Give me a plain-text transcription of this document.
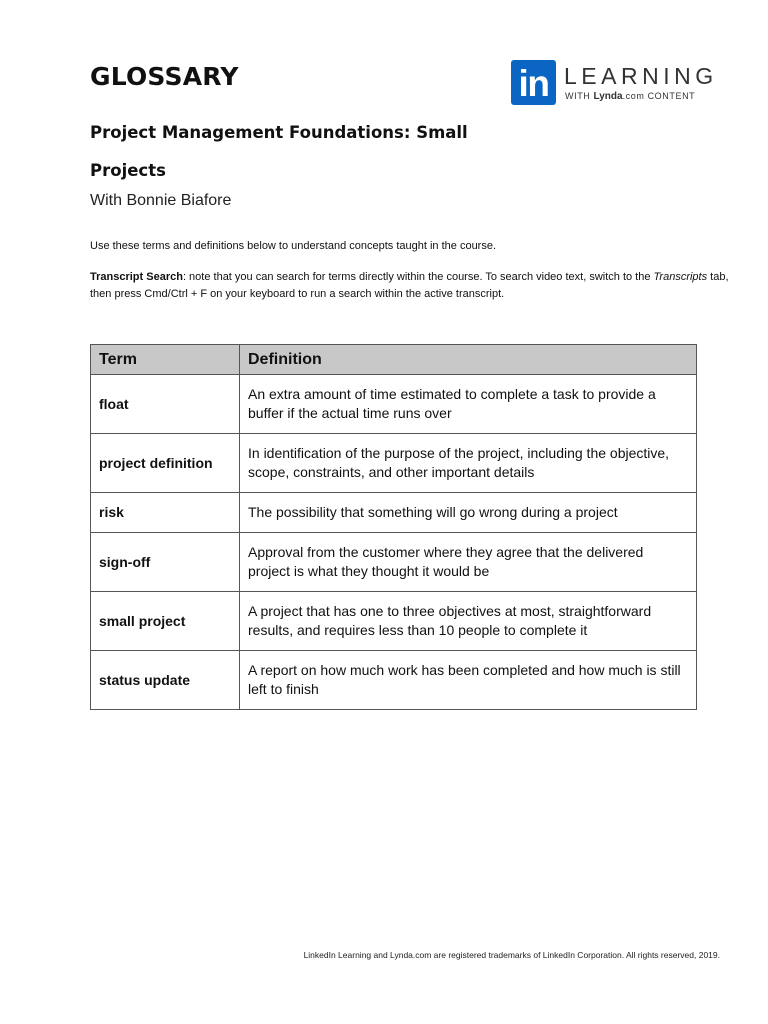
GLOSSARY	in LEARNING
WITH Lynda.com CONTENT
Project Management Foundations: Small Projects
With Bonnie Biafore
Use these terms and definitions below to understand concepts taught in the course.
Transcript Search: note that you can search for terms directly within the course. To search video text, switch to the Transcripts tab, then press Cmd/Ctrl + F on your keyboard to run a search within the active transcript.
Term	Definition
float	An extra amount of time estimated to complete a task to provide a buffer if the actual time runs over
project definition	In identification of the purpose of the project, including the objective, scope, constraints, and other important details
risk	The possibility that something will go wrong during a project
sign-off	Approval from the customer where they agree that the delivered project is what they thought it would be
small project	A project that has one to three objectives at most, straightforward results, and requires less than 10 people to complete it
status update	A report on how much work has been completed and how much is still left to finish
LinkedIn Learning and Lynda.com are registered trademarks of LinkedIn Corporation. All rights reserved, 2019.
